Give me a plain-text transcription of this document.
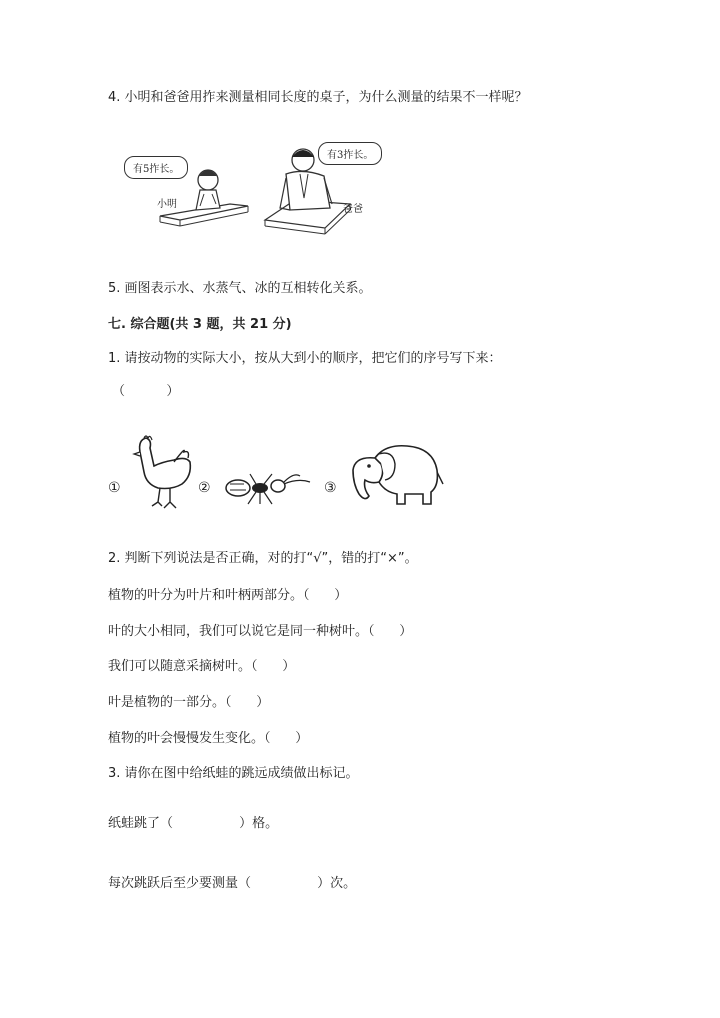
4. 小明和爸爸用拃来测量相同长度的桌子，为什么测量的结果不一样呢？
有5拃长。
有3拃长。
小明	爸爸
5. 画图表示水、水蒸气、冰的互相转化关系。
七. 综合题(共 3 题，共 21 分)
1. 请按动物的实际大小，按从大到小的顺序，把它们的序号写下来：
（          ）
①	②	③
2. 判断下列说法是否正确，对的打“√”，错的打“×”。
植物的叶分为叶片和叶柄两部分。（      ）
叶的大小相同，我们可以说它是同一种树叶。（      ）
我们可以随意采摘树叶。（      ）
叶是植物的一部分。（      ）
植物的叶会慢慢发生变化。（      ）
3. 请你在图中给纸蛙的跳远成绩做出标记。
纸蛙跳了（                ）格。
每次跳跃后至少要测量（                ）次。
